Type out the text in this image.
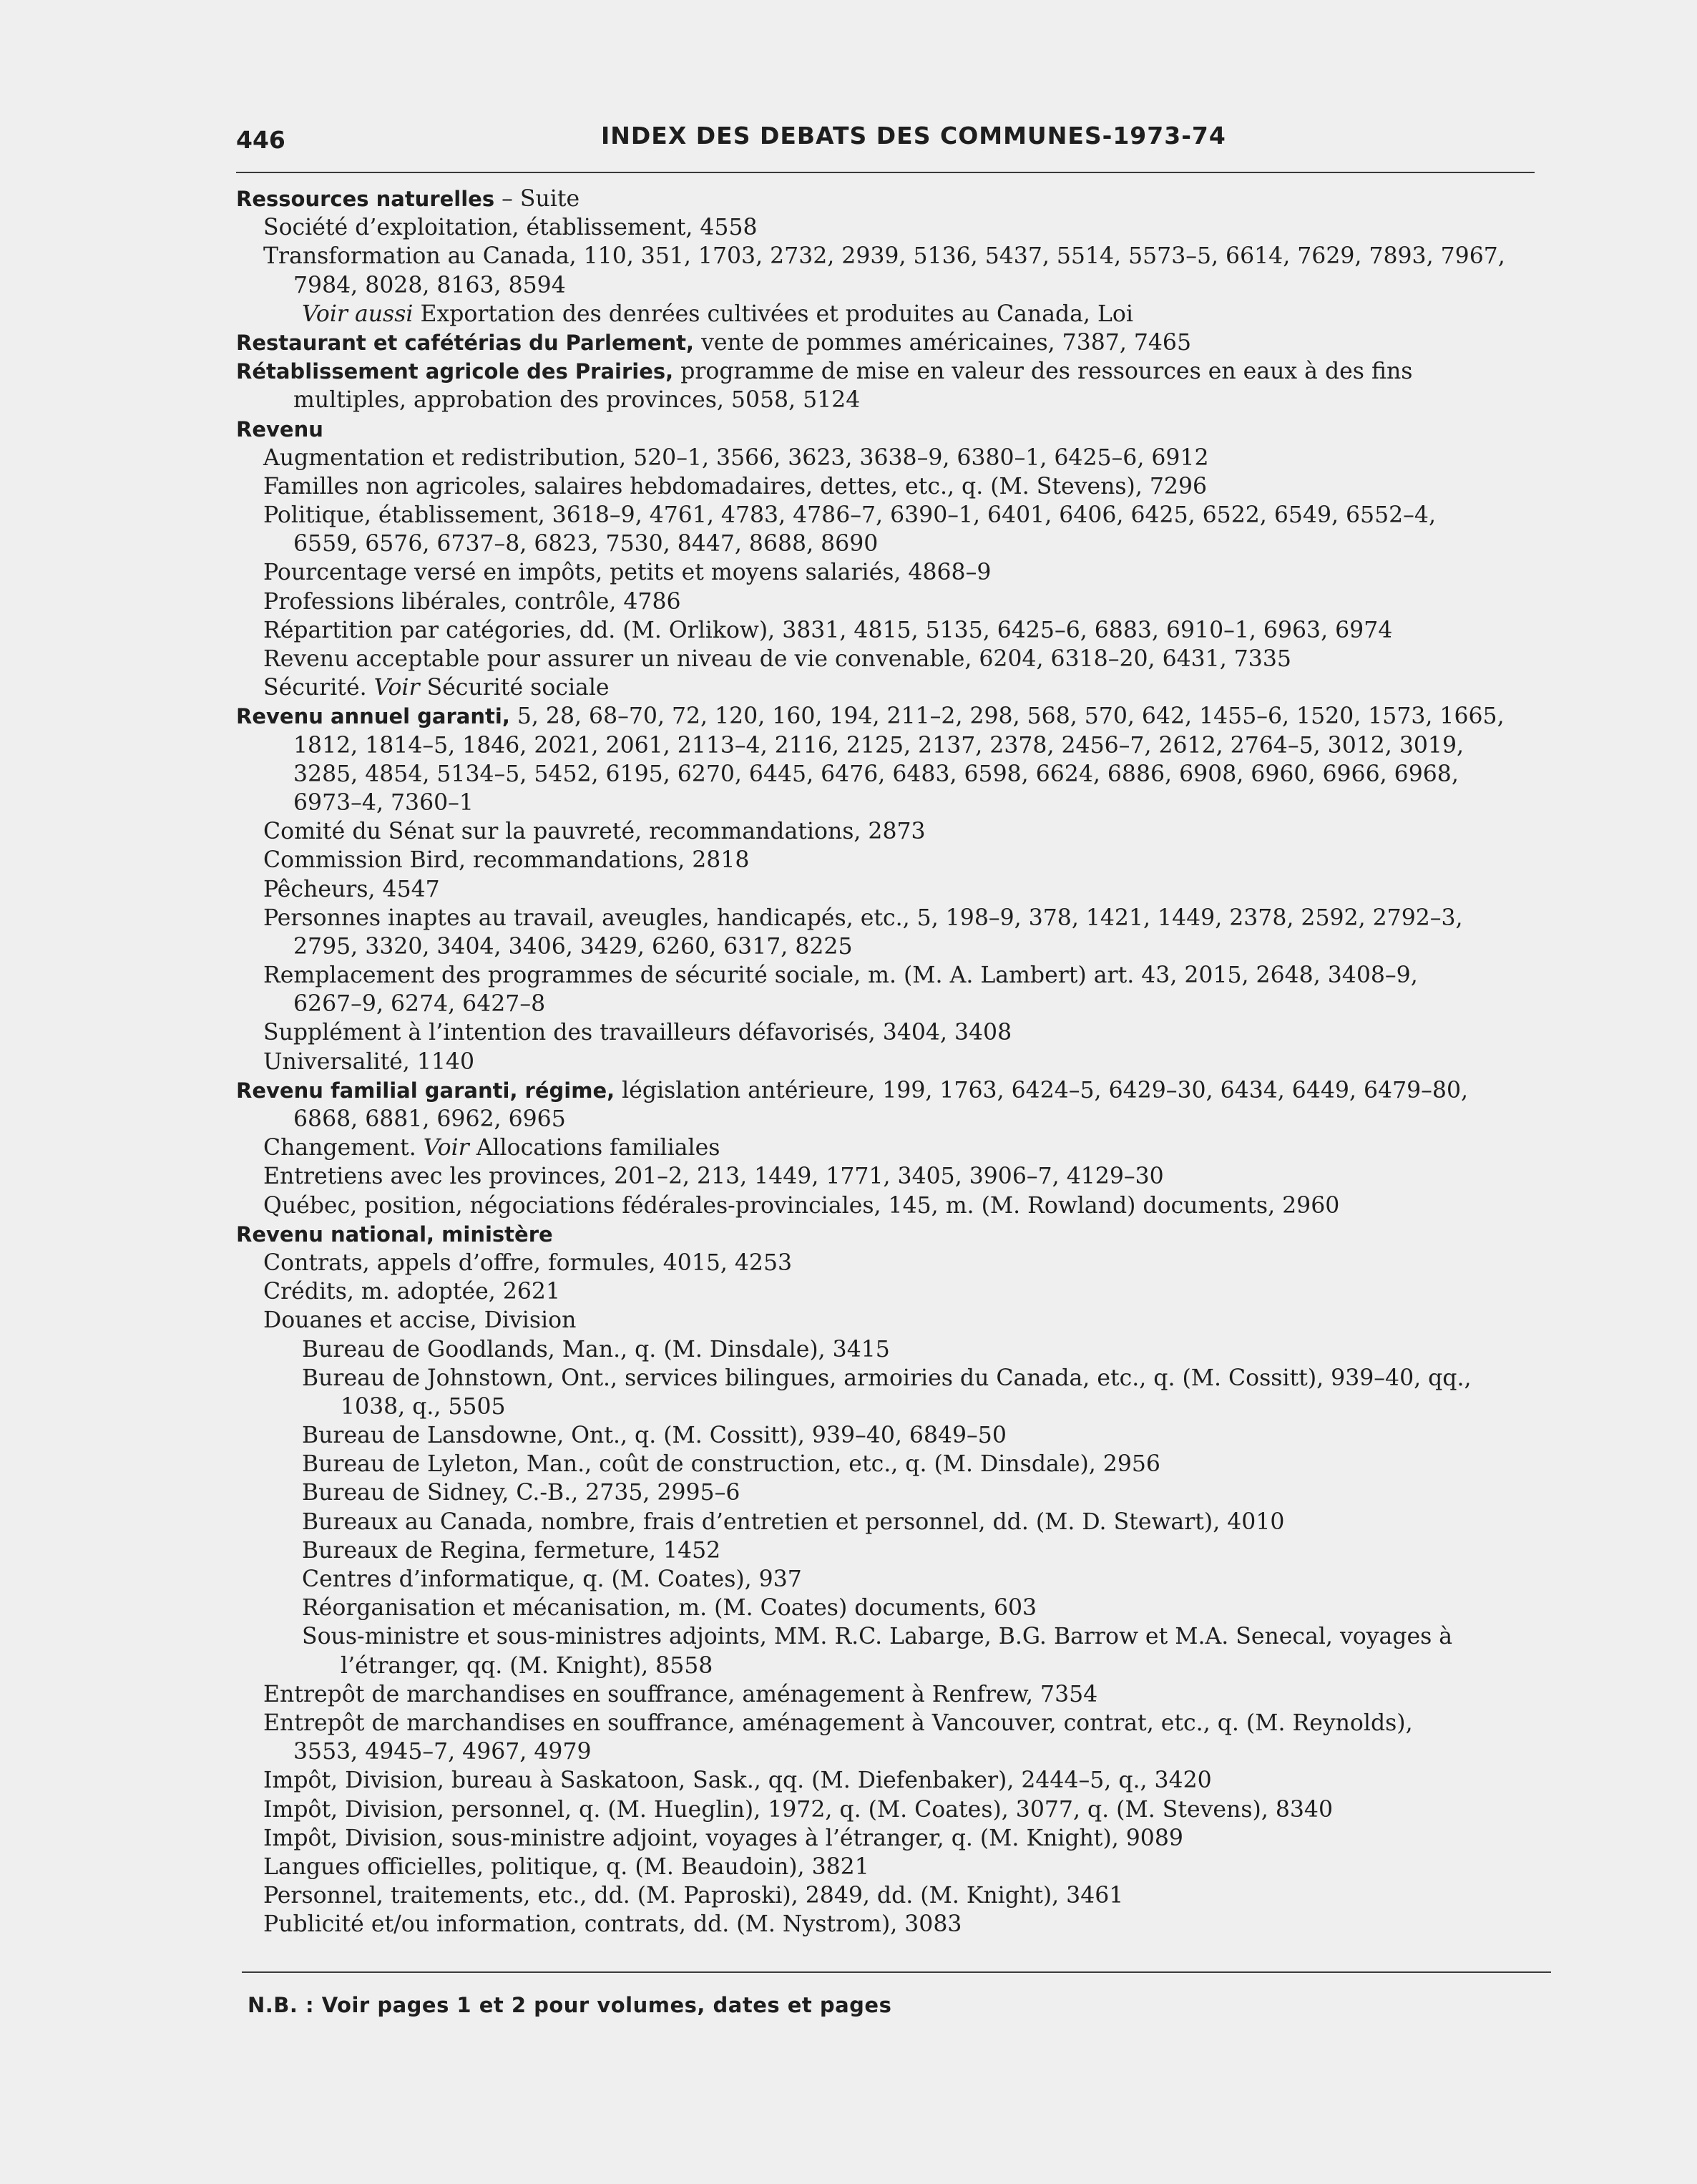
446	INDEX DES DEBATS DES COMMUNES-1973-74
Ressources naturelles – Suite
Société d’exploitation, établissement, 4558
Transformation au Canada, 110, 351, 1703, 2732, 2939, 5136, 5437, 5514, 5573–5, 6614, 7629, 7893, 7967,
7984, 8028, 8163, 8594
Voir aussi Exportation des denrées cultivées et produites au Canada, Loi
Restaurant et cafétérias du Parlement, vente de pommes américaines, 7387, 7465
Rétablissement agricole des Prairies, programme de mise en valeur des ressources en eaux à des fins
multiples, approbation des provinces, 5058, 5124
Revenu
Augmentation et redistribution, 520–1, 3566, 3623, 3638–9, 6380–1, 6425–6, 6912
Familles non agricoles, salaires hebdomadaires, dettes, etc., q. (M. Stevens), 7296
Politique, établissement, 3618–9, 4761, 4783, 4786–7, 6390–1, 6401, 6406, 6425, 6522, 6549, 6552–4,
6559, 6576, 6737–8, 6823, 7530, 8447, 8688, 8690
Pourcentage versé en impôts, petits et moyens salariés, 4868–9
Professions libérales, contrôle, 4786
Répartition par catégories, dd. (M. Orlikow), 3831, 4815, 5135, 6425–6, 6883, 6910–1, 6963, 6974
Revenu acceptable pour assurer un niveau de vie convenable, 6204, 6318–20, 6431, 7335
Sécurité. Voir Sécurité sociale
Revenu annuel garanti, 5, 28, 68–70, 72, 120, 160, 194, 211–2, 298, 568, 570, 642, 1455–6, 1520, 1573, 1665,
1812, 1814–5, 1846, 2021, 2061, 2113–4, 2116, 2125, 2137, 2378, 2456–7, 2612, 2764–5, 3012, 3019,
3285, 4854, 5134–5, 5452, 6195, 6270, 6445, 6476, 6483, 6598, 6624, 6886, 6908, 6960, 6966, 6968,
6973–4, 7360–1
Comité du Sénat sur la pauvreté, recommandations, 2873
Commission Bird, recommandations, 2818
Pêcheurs, 4547
Personnes inaptes au travail, aveugles, handicapés, etc., 5, 198–9, 378, 1421, 1449, 2378, 2592, 2792–3,
2795, 3320, 3404, 3406, 3429, 6260, 6317, 8225
Remplacement des programmes de sécurité sociale, m. (M. A. Lambert) art. 43, 2015, 2648, 3408–9,
6267–9, 6274, 6427–8
Supplément à l’intention des travailleurs défavorisés, 3404, 3408
Universalité, 1140
Revenu familial garanti, régime, législation antérieure, 199, 1763, 6424–5, 6429–30, 6434, 6449, 6479–80,
6868, 6881, 6962, 6965
Changement. Voir Allocations familiales
Entretiens avec les provinces, 201–2, 213, 1449, 1771, 3405, 3906–7, 4129–30
Québec, position, négociations fédérales-provinciales, 145, m. (M. Rowland) documents, 2960
Revenu national, ministère
Contrats, appels d’offre, formules, 4015, 4253
Crédits, m. adoptée, 2621
Douanes et accise, Division
Bureau de Goodlands, Man., q. (M. Dinsdale), 3415
Bureau de Johnstown, Ont., services bilingues, armoiries du Canada, etc., q. (M. Cossitt), 939–40, qq.,
1038, q., 5505
Bureau de Lansdowne, Ont., q. (M. Cossitt), 939–40, 6849–50
Bureau de Lyleton, Man., coût de construction, etc., q. (M. Dinsdale), 2956
Bureau de Sidney, C.-B., 2735, 2995–6
Bureaux au Canada, nombre, frais d’entretien et personnel, dd. (M. D. Stewart), 4010
Bureaux de Regina, fermeture, 1452
Centres d’informatique, q. (M. Coates), 937
Réorganisation et mécanisation, m. (M. Coates) documents, 603
Sous-ministre et sous-ministres adjoints, MM. R.C. Labarge, B.G. Barrow et M.A. Senecal, voyages à
l’étranger, qq. (M. Knight), 8558
Entrepôt de marchandises en souffrance, aménagement à Renfrew, 7354
Entrepôt de marchandises en souffrance, aménagement à Vancouver, contrat, etc., q. (M. Reynolds),
3553, 4945–7, 4967, 4979
Impôt, Division, bureau à Saskatoon, Sask., qq. (M. Diefenbaker), 2444–5, q., 3420
Impôt, Division, personnel, q. (M. Hueglin), 1972, q. (M. Coates), 3077, q. (M. Stevens), 8340
Impôt, Division, sous-ministre adjoint, voyages à l’étranger, q. (M. Knight), 9089
Langues officielles, politique, q. (M. Beaudoin), 3821
Personnel, traitements, etc., dd. (M. Paproski), 2849, dd. (M. Knight), 3461
Publicité et/ou information, contrats, dd. (M. Nystrom), 3083
N.B. : Voir pages 1 et 2 pour volumes, dates et pages
